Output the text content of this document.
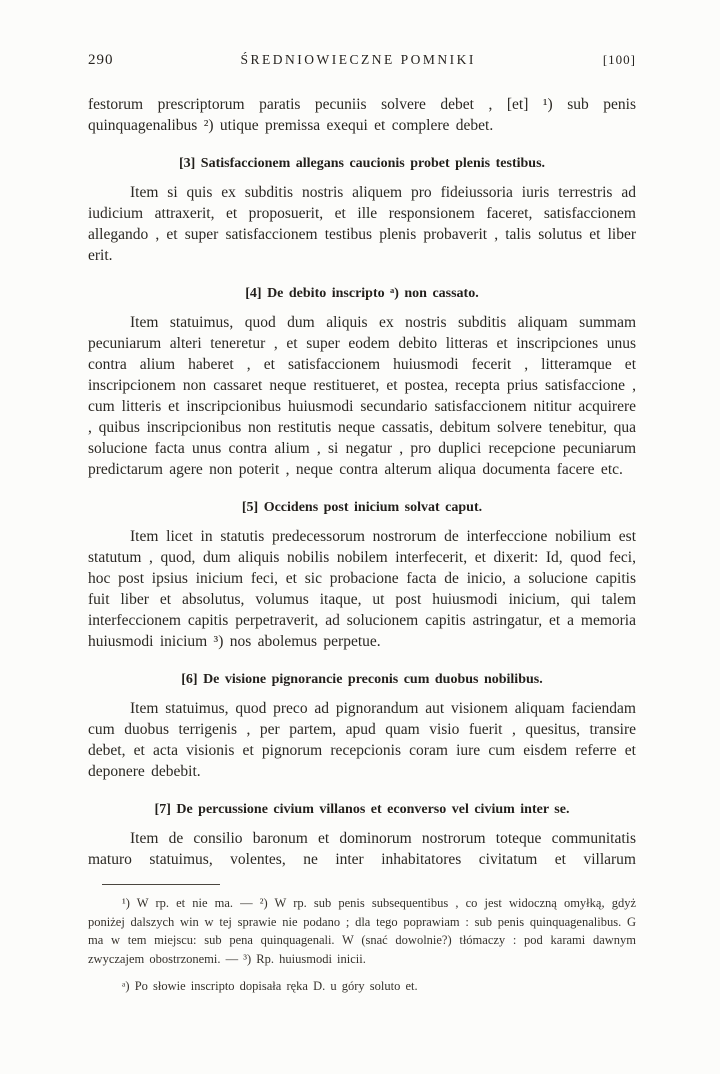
290	ŚREDNIOWIECZNE POMNIKI	[100]

festorum prescriptorum paratis pecuniis solvere debet , [et] ¹) sub penis quinquagenalibus ²) utique premissa exequi et complere debet.

[3] Satisfaccionem allegans caucionis probet plenis testibus.

Item si quis ex subditis nostris aliquem pro fideiussoria iuris terrestris ad iudicium attraxerit, et proposuerit, et ille responsionem faceret, satisfaccionem allegando , et super satisfaccionem testibus plenis probaverit , talis solutus et liber erit.

[4] De debito inscripto ᵃ) non cassato.

Item statuimus, quod dum aliquis ex nostris subditis aliquam summam pecuniarum alteri teneretur , et super eodem debito litteras et inscripciones unus contra alium haberet , et satisfaccionem huiusmodi fecerit , litteramque et inscripcionem non cassaret neque restitueret, et postea, recepta prius satisfaccione , cum litteris et inscripcionibus huiusmodi secundario satisfaccionem nititur acquirere , quibus inscripcionibus non restitutis neque cassatis, debitum solvere tenebitur, qua solucione facta unus contra alium , si negatur , pro duplici recepcione pecuniarum predictarum agere non poterit , neque contra alterum aliqua documenta facere etc.

[5] Occidens post inicium solvat caput.

Item licet in statutis predecessorum nostrorum de interfeccione nobilium est statutum , quod, dum aliquis nobilis nobilem interfecerit, et dixerit: Id, quod feci, hoc post ipsius inicium feci, et sic probacione facta de inicio, a solucione capitis fuit liber et absolutus, volumus itaque, ut post huiusmodi inicium, qui talem interfeccionem capitis perpetraverit, ad solucionem capitis astringatur, et a memoria huiusmodi inicium ³) nos abolemus perpetue.

[6] De visione pignorancie preconis cum duobus nobilibus.

Item statuimus, quod preco ad pignorandum aut visionem aliquam faciendam cum duobus terrigenis , per partem, apud quam visio fuerit , quesitus, transire debet, et acta visionis et pignorum recepcionis coram iure cum eisdem referre et deponere debebit.

[7] De percussione civium villanos et econverso vel civium inter se.

Item de consilio baronum et dominorum nostrorum toteque communitatis maturo statuimus, volentes, ne inter inhabitatores civitatum et villarum

¹) W rp. et nie ma. — ²) W rp. sub penis subsequentibus , co jest widoczną omyłką, gdyż poniżej dalszych win w tej sprawie nie podano ; dla tego poprawiam : sub penis quinquagenalibus. G ma w tem miejscu: sub pena quinquagenali. W (snać dowolnie?) tłómaczy : pod karami dawnym zwyczajem obostrzonemi. — ³) Rp. huiusmodi inicii.

ᵃ) Po słowie inscripto dopisała ręka D. u góry soluto et.
